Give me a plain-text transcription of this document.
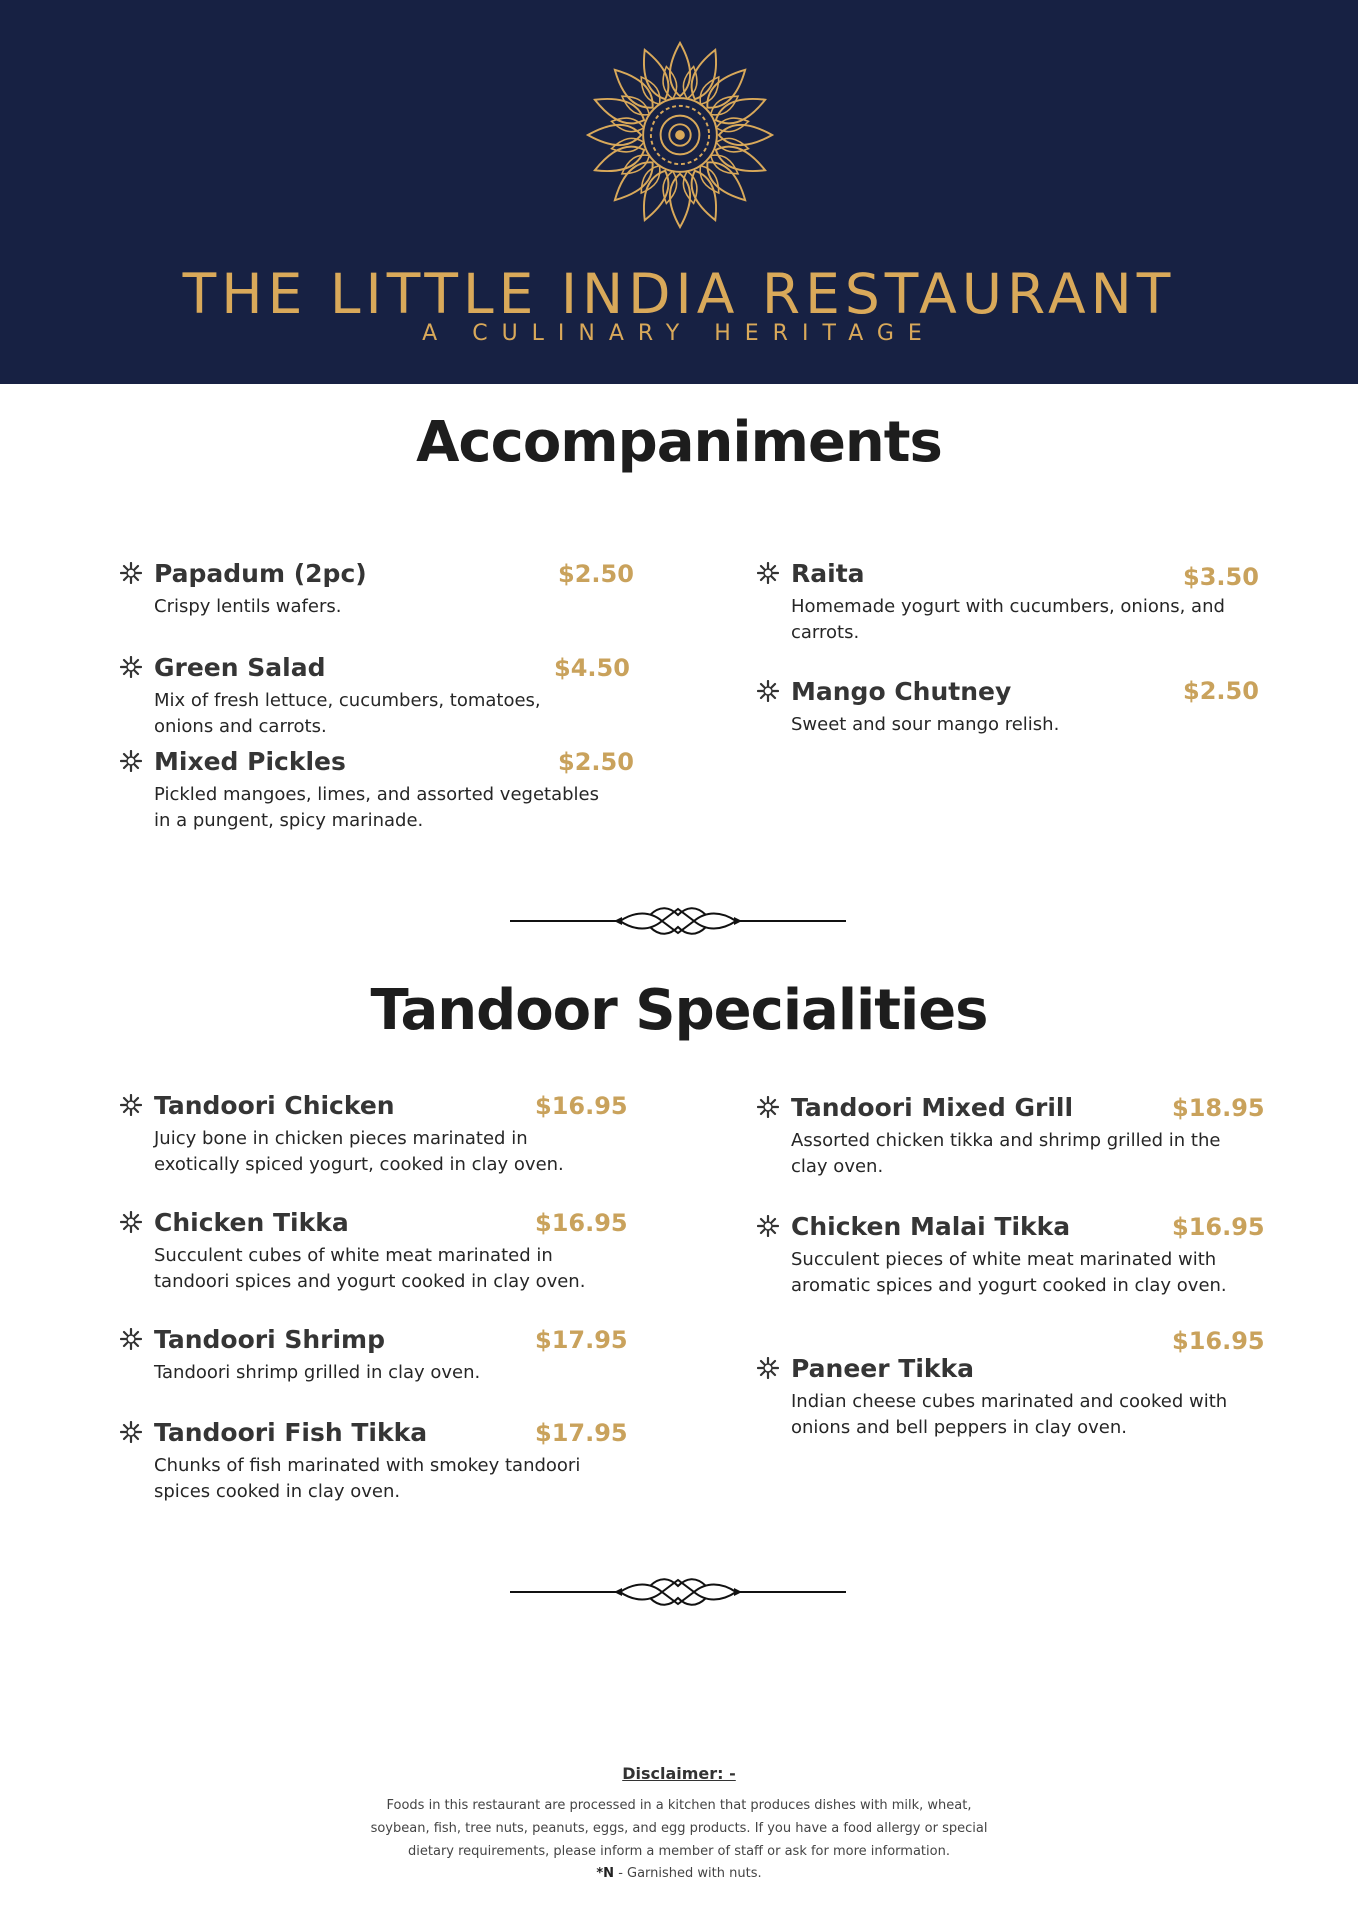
THE LITTLE INDIA RESTAURANT
A CULINARY HERITAGE
Accompaniments
Papadum (2pc)	$2.50
Crispy lentils wafers.
Green Salad	$4.50
Mix of fresh lettuce, cucumbers, tomatoes, onions and carrots.
Mixed Pickles	$2.50
Pickled mangoes, limes, and assorted vegetables in a pungent, spicy marinade.
Raita	$3.50
Homemade yogurt with cucumbers, onions, and carrots.
Mango Chutney	$2.50
Sweet and sour mango relish.
Tandoor Specialities
Tandoori Chicken	$16.95
Juicy bone in chicken pieces marinated in exotically spiced yogurt, cooked in clay oven.
Chicken Tikka	$16.95
Succulent cubes of white meat marinated in tandoori spices and yogurt cooked in clay oven.
Tandoori Shrimp	$17.95
Tandoori shrimp grilled in clay oven.
Tandoori Fish Tikka	$17.95
Chunks of fish marinated with smokey tandoori spices cooked in clay oven.
Tandoori Mixed Grill	$18.95
Assorted chicken tikka and shrimp grilled in the clay oven.
Chicken Malai Tikka	$16.95
Succulent pieces of white meat marinated with aromatic spices and yogurt cooked in clay oven.
Paneer Tikka
$16.95
Indian cheese cubes marinated and cooked with onions and bell peppers in clay oven.
Disclaimer: -
Foods in this restaurant are processed in a kitchen that produces dishes with milk, wheat, soybean, fish, tree nuts, peanuts, eggs, and egg products. If you have a food allergy or special dietary requirements, please inform a member of staff or ask for more information.
*N - Garnished with nuts.
